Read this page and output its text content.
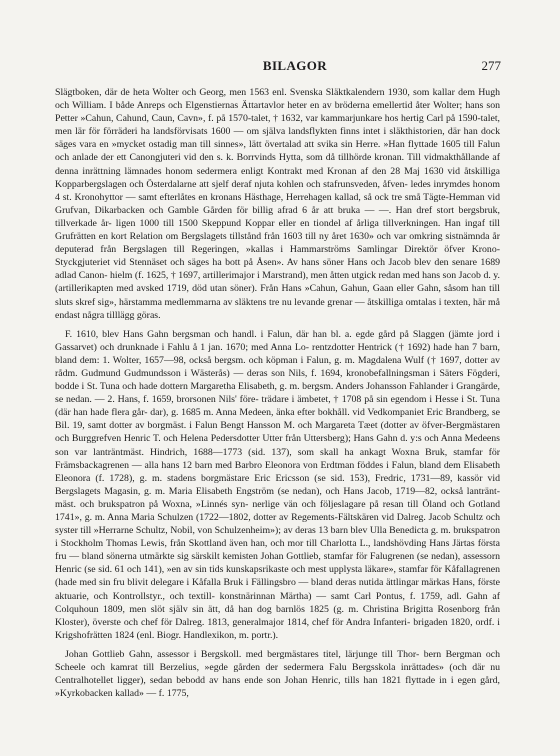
BILAGOR	277

Slägtboken, där de heta Wolter och Georg, men 1563 enl. Svenska Släktkalendern 1930, som kallar dem Hugh och William. I både Anreps och Elgenstiernas Ättartavlor heter en av bröderna emellertid åter Wolter; hans son Petter »Cahun, Cahund, Caun, Cavn», f. på 1570-talet, † 1632, var kammarjunkare hos hertig Carl på 1590-talet, men lär för förräderi ha landsförvisats 1600 — om själva landsflykten finns intet i släkthistorien, där han dock säges vara en »mycket ostadig man till sinnes», lätt övertalad att svika sin Herre. »Han flyttade 1605 till Falun och anlade der ett Canongjuteri vid den s. k. Borrvinds Hytta, som då tillhörde kronan. Till vidmakthållande af denna inrättning lämnades honom sedermera enligt Kontrakt med Kronan af den 28 Maj 1630 vid åtskilliga Kopparbergslagen och Österdalarne att sjelf deraf njuta kohlen och stafrunsveden, åfven- ledes inrymdes honom 4 st. Kronohyttor — samt efterlåtes en kronans Hästhage, Herrehagen kallad, så ock tre små Tägte-Hemman vid Grufvan, Dikarbacken och Gamble Gården för billig afrad 6 år att bruka — —. Han dref stort bergsbruk, tillverkade år- ligen 1000 till 1500 Skeppund Koppar eller en tiondel af årliga tillverkningen. Han ingaf till Grufrätten en kort Relation om Bergslagets tillstånd från 1603 till ny året 1630» och var omkring sistnämnda år deputerad från Bergslagen till Regeringen, »kallas i Hammarströms Samlingar Direktör öfver Krono-Styckgjuteriet vid Stennäset och säges ha bott på Åsen». Av hans söner Hans och Jacob blev den senare 1689 adlad Canon- hielm (f. 1625, † 1697, artillerimajor i Marstrand), men åtten utgick redan med hans son Jacob d. y. (artillerikapten med avsked 1719, död utan söner). Från Hans »Cahun, Gahun, Gaan eller Gahn, såsom han till sluts skref sig», härstamma medlemmarna av släktens tre nu levande grenar — åtskilliga omtalas i texten, här må endast några tilllägg göras.

F. 1610, blev Hans Gahn bergsman och handl. i Falun, där han bl. a. egde gård på Slaggen (jämte jord i Gassarvet) och drunknade i Fahlu å 1 jan. 1670; med Anna Lo- rentzdotter Hentrick († 1692) hade han 7 barn, bland dem: 1. Wolter, 1657—98, också bergsm. och köpman i Falun, g. m. Magdalena Wulf († 1697, dotter av rådm. Gudmund Gudmundsson i Wästerås) — deras son Nils, f. 1694, kronobefallningsman i Säters Fögderi, bodde i St. Tuna och hade dottern Margaretha Elisabeth, g. m. bergsm. Anders Johansson Fahlander i Grangärde, se nedan. — 2. Hans, f. 1659, brorsonen Nils' före- trädare i ämbetet, † 1708 på sin egendom i Hesse i St. Tuna (där han hade flera går- dar), g. 1685 m. Anna Medeen, änka efter bokhåll. vid Vedkompaniet Eric Brandberg, se Bil. 19, samt dotter av borgmäst. i Falun Bengt Hansson M. och Margareta Tæet (dotter av öfver-Bergmästaren och Burggrefven Henric T. och Helena Pedersdotter Utter från Uttersberg); Hans Gahn d. y:s och Anna Medeens son var lanträntmäst. Hindrich, 1688—1773 (sid. 137), som skall ha ankagt Woxna Bruk, stamfar för Främsbackagrenen — alla hans 12 barn med Barbro Eleonora von Erdtman föddes i Falun, bland dem Elisabeth Eleonora (f. 1728), g. m. stadens borgmästare Eric Ericsson (se sid. 153), Fredric, 1731—89, kassör vid Bergslagets Magasin, g. m. Maria Elisabeth Engström (se nedan), och Hans Jacob, 1719—82, också lanträntmäst. och brukspatron på Woxna, »Linnés syn- nerlige vän och följeslagare på resan till Öland och Gotland 1741», g. m. Anna Maria Schulzen (1722—1802, dotter av Regements-Fältskären vid Dalreg. Jacob Schultz och syster till »Herrarne Schultz, Nobil, von Schulzenheim»); av deras 13 barn blev Ulla Benedicta g. m. brukspatron i Stockholm Thomas Lewis, från Skottland även han, och mor till Charlotta L., landshövding Hans Järtas första fru — bland sönerna utmärkte sig särskilt kemisten Johan Gottlieb, stamfar för Falugrenen (se nedan), assessorn Henric (se sid. 61 och 141), »en av sin tids kunskapsrikaste och mest upplysta läkare», stamfar för Kåfallagrenen (hade med sin fru blivit delegare i Kåfalla Bruk i Fällingsbro — bland deras nutida ättlingar märkas Hans, förste aktuarie, och Kontrollstyr., och textill- konstnärinnan Märtha) — samt Carl Pontus, f. 1759, adl. Gahn af Colquhoun 1809, men slöt själv sin ätt, då han dog barnlös 1825 (g. m. Christina Brigitta Rosenborg från Kloster), överste och chef för Dalreg. 1813, generalmajor 1814, chef för Andra Infanteri- brigaden 1820, ordf. i Krigshofrätten 1824 (enl. Biogr. Handlexikon, m. portr.).

Johan Gottlieb Gahn, assessor i Bergskoll. med bergmästares titel, lärjunge till Thor- bern Bergman och Scheele och kamrat till Berzelius, »egde gården der sedermera Falu Bergsskola inrättades» (och där nu Centralhotellet ligger), sedan bebodd av hans ende son Johan Henric, tills han 1821 flyttade in i egen gård, »Kyrkobacken kallad» — f. 1775,
